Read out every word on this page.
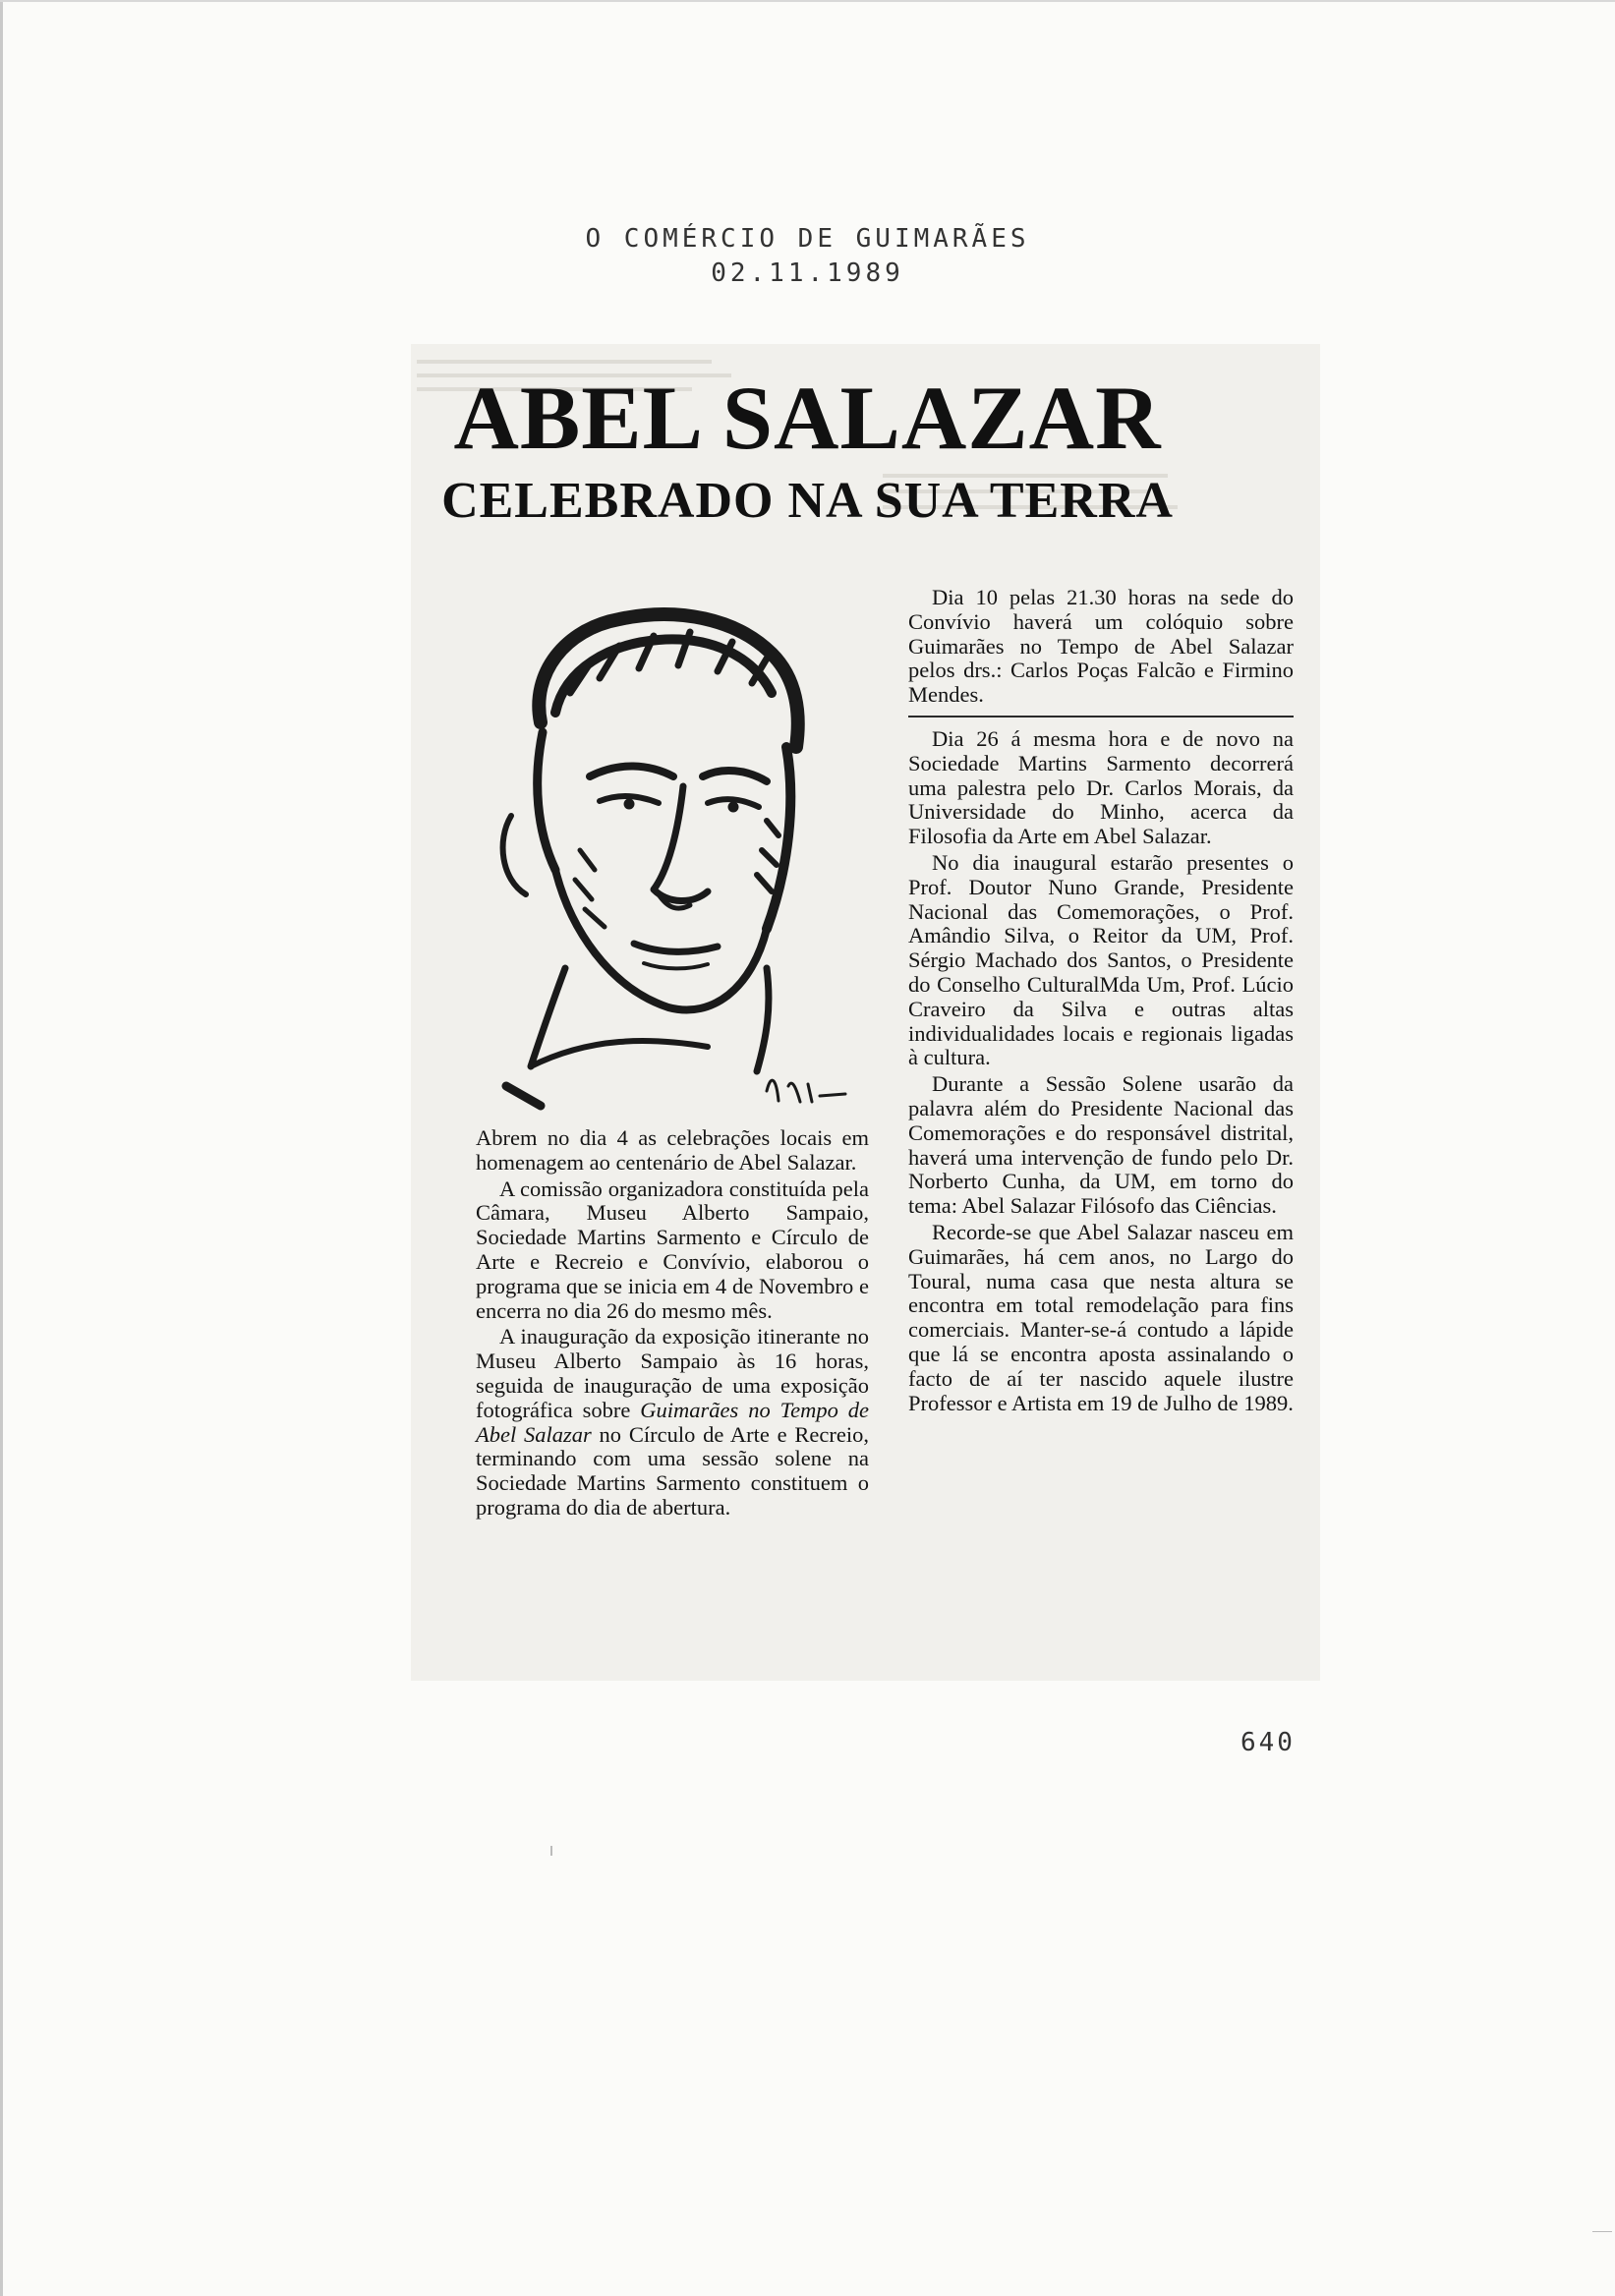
O COMÉRCIO DE GUIMARÃES
02.11.1989
ABEL SALAZAR
CELEBRADO NA SUA TERRA

Abrem no dia 4 as celebrações locais em homenagem ao centenário de Abel Salazar.

A comissão organizadora constituída pela Câmara, Museu Alberto Sampaio, Sociedade Martins Sarmento e Círculo de Arte e Recreio e Convívio, elaborou o programa que se inicia em 4 de Novembro e encerra no dia 26 do mesmo mês.

A inauguração da exposição itinerante no Museu Alberto Sampaio às 16 horas, seguida de inauguração de uma exposição fotográfica sobre Guimarães no Tempo de Abel Salazar no Círculo de Arte e Recreio, terminando com uma sessão solene na Sociedade Martins Sarmento constituem o programa do dia de abertura.

Dia 10 pelas 21.30 horas na sede do Convívio haverá um colóquio sobre Guimarães no Tempo de Abel Salazar pelos drs.: Carlos Poças Falcão e Firmino Mendes.

Dia 26 á mesma hora e de novo na Sociedade Martins Sarmento decorrerá uma palestra pelo Dr. Carlos Morais, da Universidade do Minho, acerca da Filosofia da Arte em Abel Salazar.

No dia inaugural estarão presentes o Prof. Doutor Nuno Grande, Presidente Nacional das Comemorações, o Prof. Amândio Silva, o Reitor da UM, Prof. Sérgio Machado dos Santos, o Presidente do Conselho CulturalMda Um, Prof. Lúcio Craveiro da Silva e outras altas individualidades locais e regionais ligadas à cultura.

Durante a Sessão Solene usarão da palavra além do Presidente Nacional das Comemorações e do responsável distrital, haverá uma intervenção de fundo pelo Dr. Norberto Cunha, da UM, em torno do tema: Abel Salazar Filósofo das Ciências.

Recorde-se que Abel Salazar nasceu em Guimarães, há cem anos, no Largo do Toural, numa casa que nesta altura se encontra em total remodelação para fins comerciais. Manter-se-á contudo a lápide que lá se encontra aposta assinalando o facto de aí ter nascido aquele ilustre Professor e Artista em 19 de Julho de 1989.

640
